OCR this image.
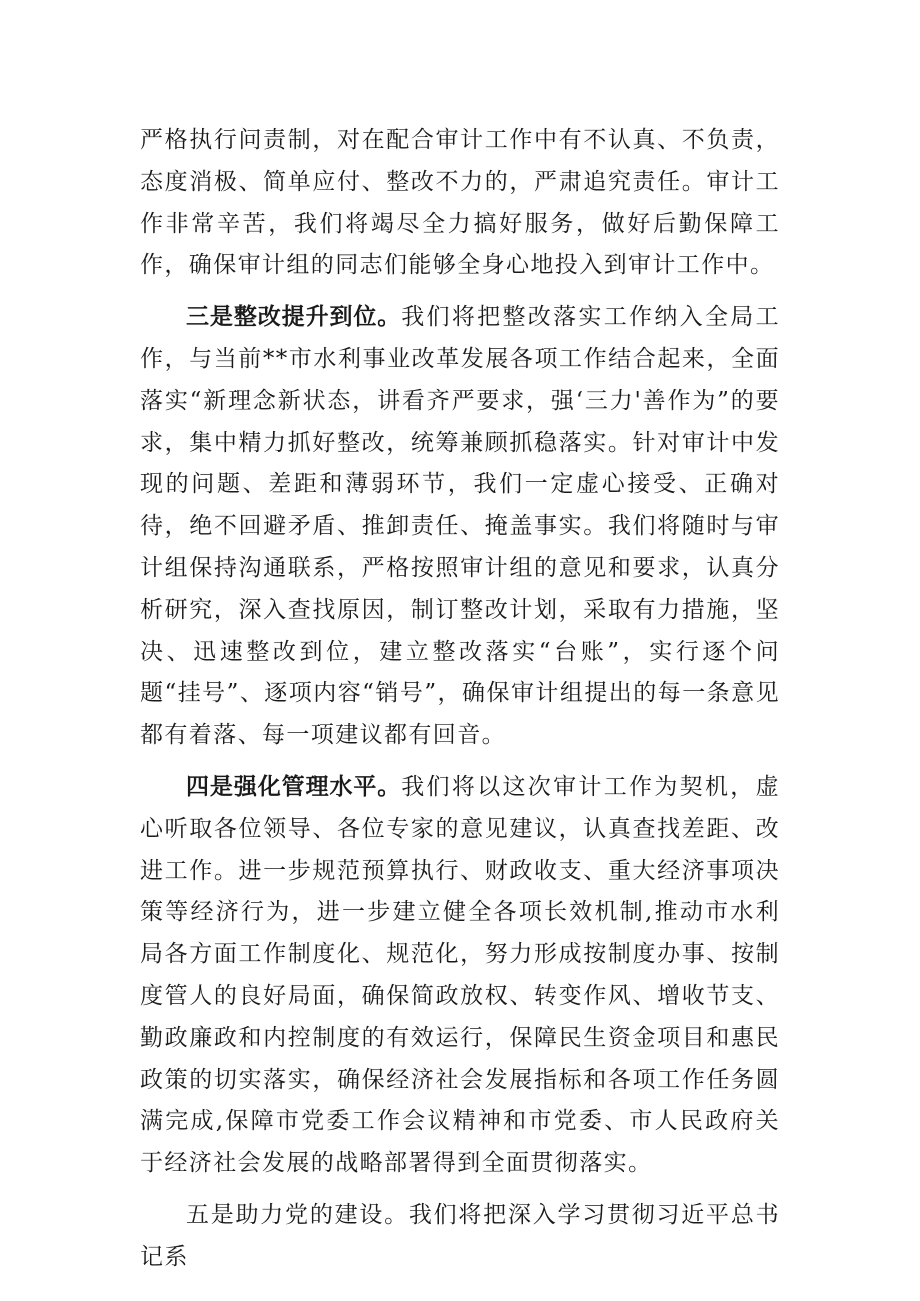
严格执行问责制，对在配合审计工作中有不认真、不负责，态度消极、简单应付、整改不力的，严肃追究责任。审计工作非常辛苦，我们将竭尽全力搞好服务，做好后勤保障工作，确保审计组的同志们能够全身心地投入到审计工作中。

三是整改提升到位。我们将把整改落实工作纳入全局工作，与当前**市水利事业改革发展各项工作结合起来，全面落实“新理念新状态，讲看齐严要求，强‘三力'善作为”的要求，集中精力抓好整改，统筹兼顾抓稳落实。针对审计中发现的问题、差距和薄弱环节，我们一定虚心接受、正确对待，绝不回避矛盾、推卸责任、掩盖事实。我们将随时与审计组保持沟通联系，严格按照审计组的意见和要求，认真分析研究，深入查找原因，制订整改计划，采取有力措施，坚决、迅速整改到位，建立整改落实“台账”，实行逐个问题“挂号”、逐项内容“销号”，确保审计组提出的每一条意见都有着落、每一项建议都有回音。

四是强化管理水平。我们将以这次审计工作为契机，虚心听取各位领导、各位专家的意见建议，认真查找差距、改进工作。进一步规范预算执行、财政收支、重大经济事项决策等经济行为，进一步建立健全各项长效机制,推动市水利局各方面工作制度化、规范化，努力形成按制度办事、按制度管人的良好局面，确保简政放权、转变作风、增收节支、勤政廉政和内控制度的有效运行，保障民生资金项目和惠民政策的切实落实，确保经济社会发展指标和各项工作任务圆满完成,保障市党委工作会议精神和市党委、市人民政府关于经济社会发展的战略部署得到全面贯彻落实。

五是助力党的建设。我们将把深入学习贯彻习近平总书记系
